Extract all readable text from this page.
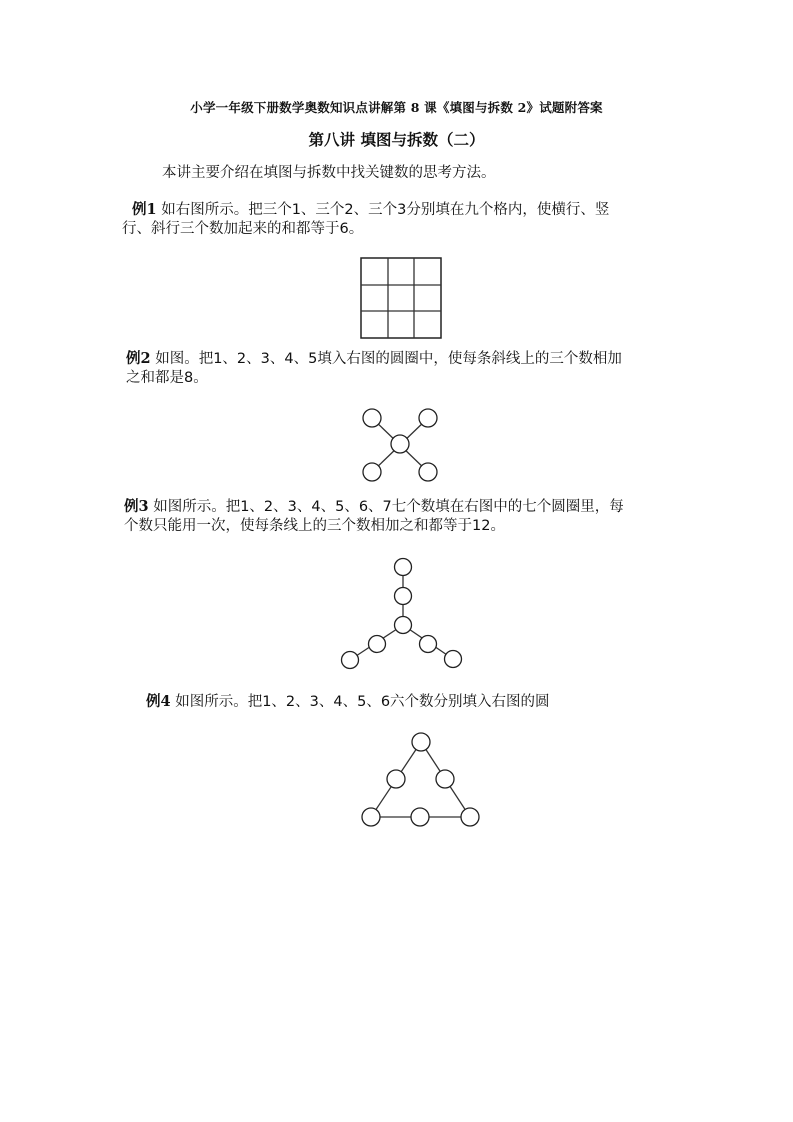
小学一年级下册数学奥数知识点讲解第 8 课《填图与拆数 2》试题附答案
第八讲 填图与拆数（二）
本讲主要介绍在填图与拆数中找关键数的思考方法。
例1 如右图所示。把三个1、三个2、三个3分别填在九个格内，使横行、竖
行、斜行三个数加起来的和都等于6。
例2 如图。把1、2、3、4、5填入右图的圆圈中，使每条斜线上的三个数相加
之和都是8。
例3 如图所示。把1、2、3、4、5、6、7七个数填在右图中的七个圆圈里，每
个数只能用一次，使每条线上的三个数相加之和都等于12。
例4 如图所示。把1、2、3、4、5、6六个数分别填入右图的圆
